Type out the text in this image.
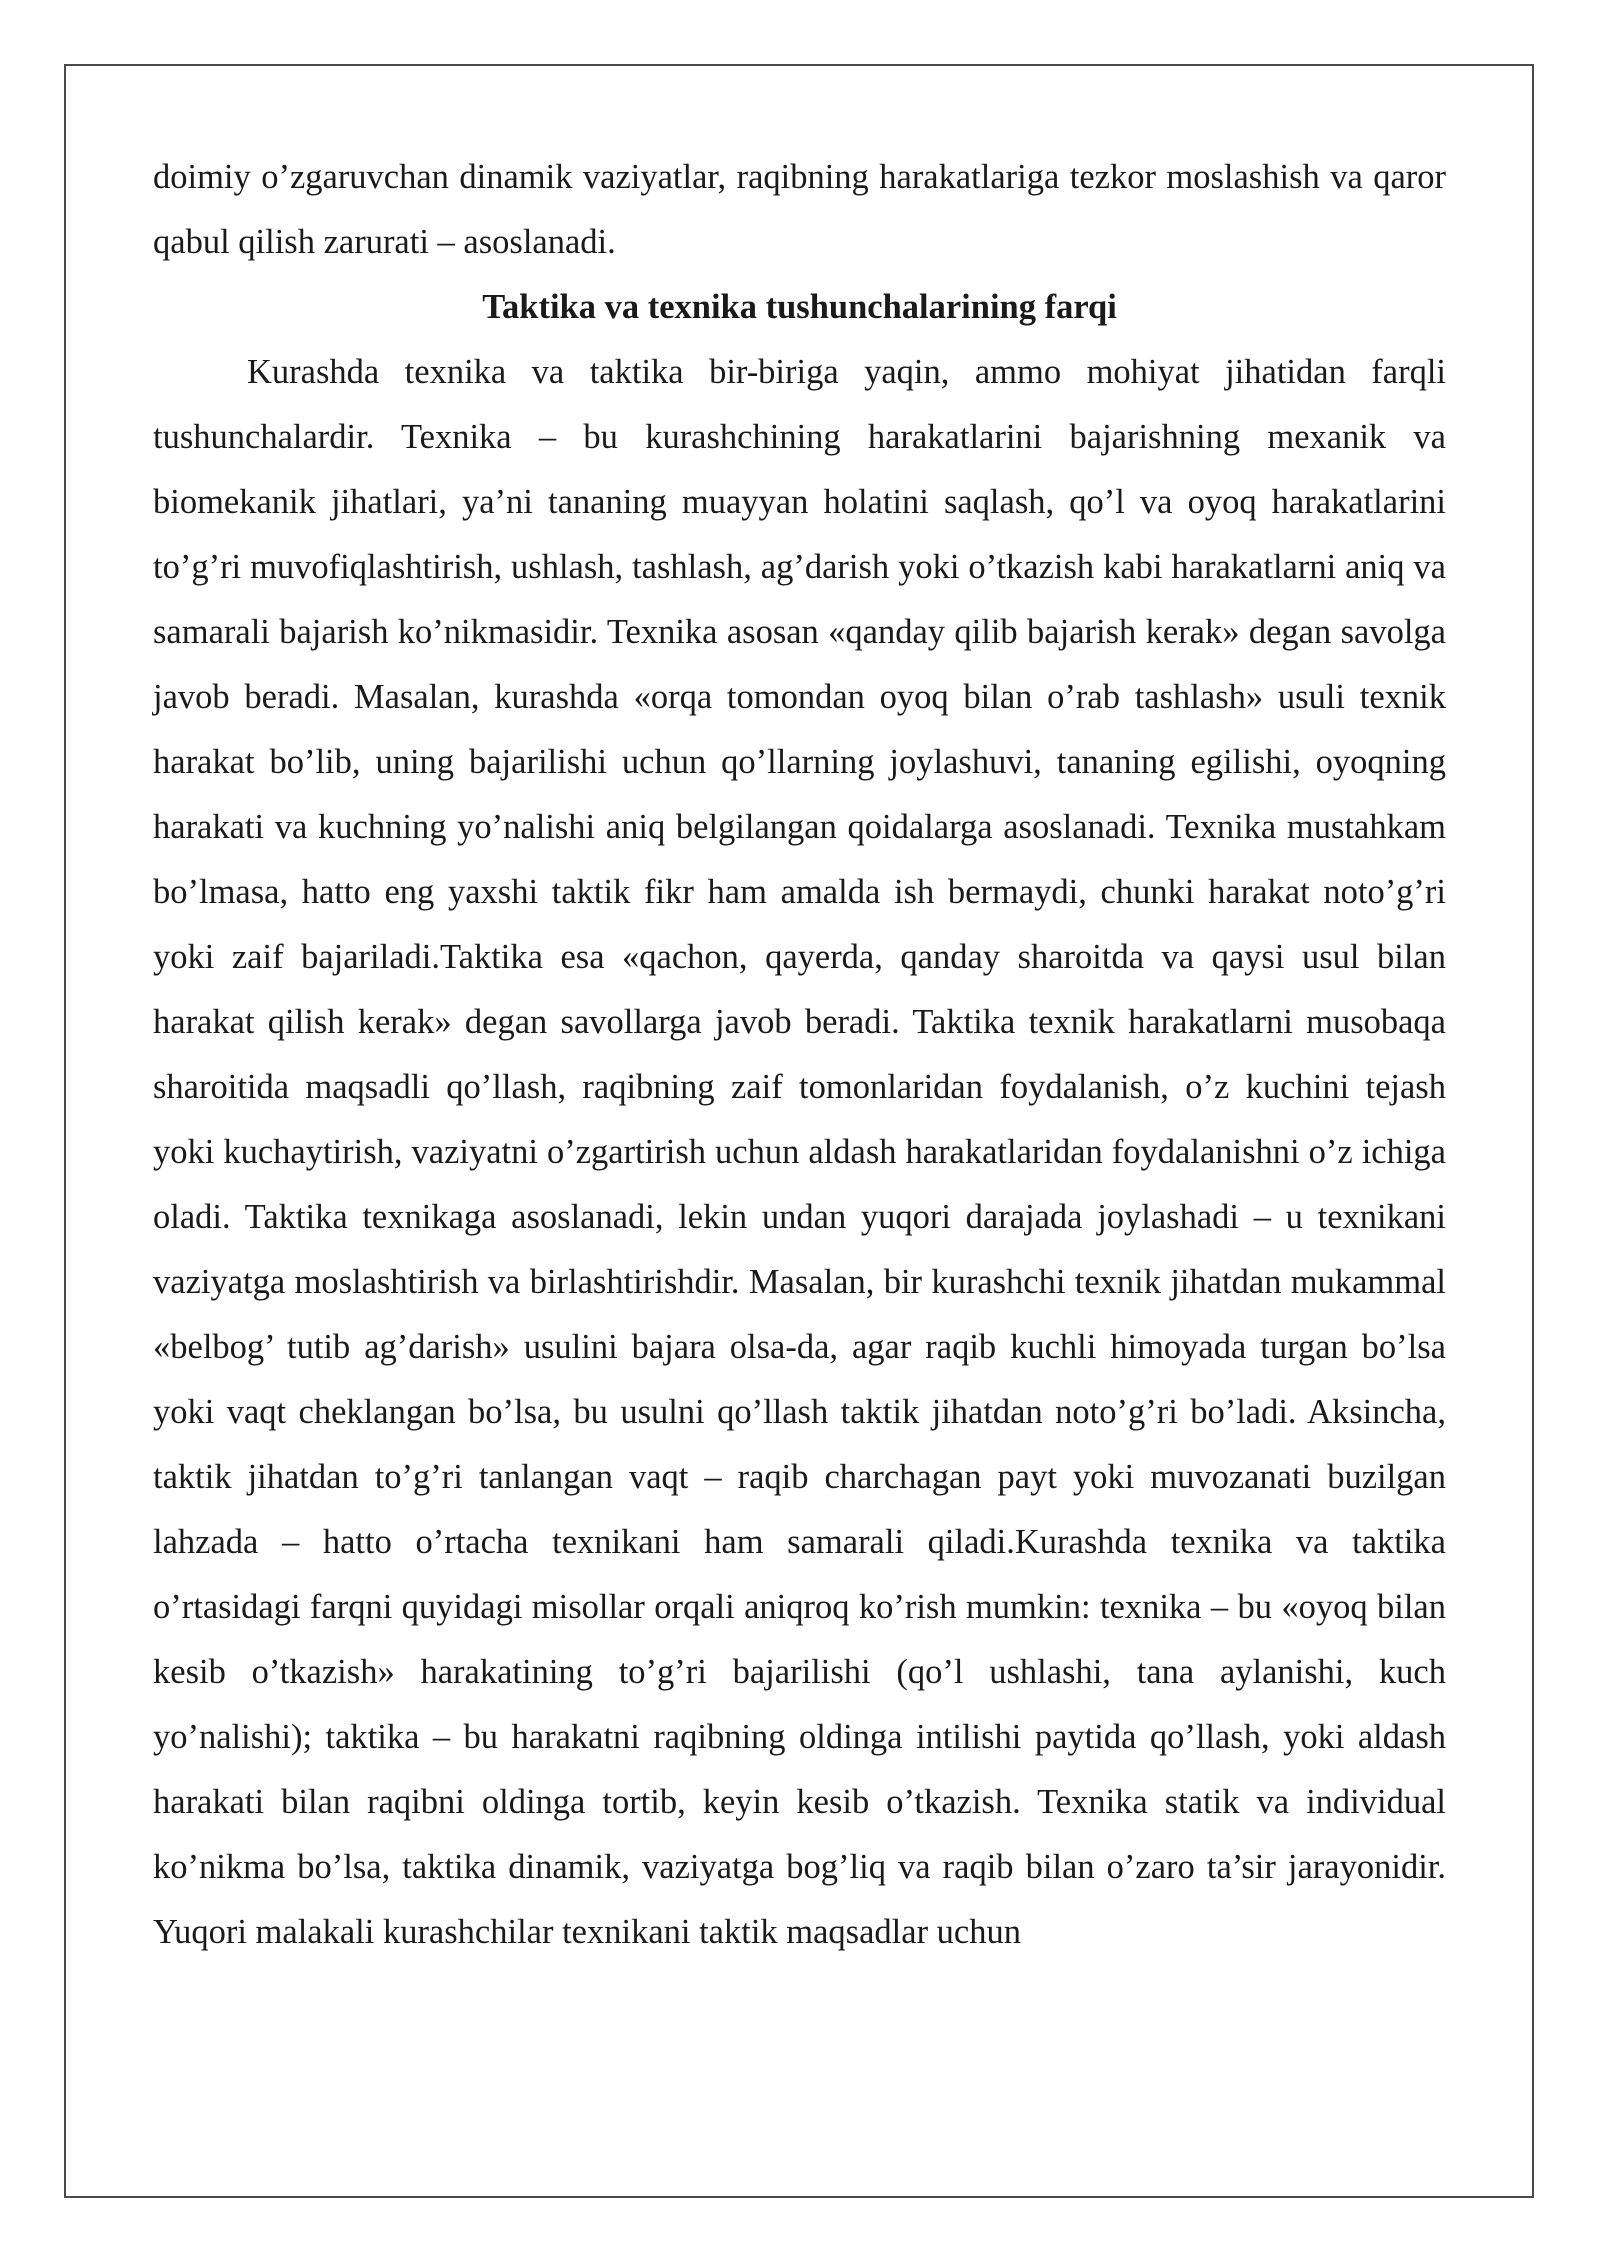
doimiy o’zgaruvchan dinamik vaziyatlar, raqibning harakatlariga tezkor moslashish va qaror qabul qilish zarurati – asoslanadi.

Taktika va texnika tushunchalarining farqi

Kurashda texnika va taktika bir-biriga yaqin, ammo mohiyat jihatidan farqli tushunchalardir. Texnika – bu kurashchining harakatlarini bajarishning mexanik va biomekanik jihatlari, ya’ni tananing muayyan holatini saqlash, qo’l va oyoq harakatlarini to’g’ri muvofiqlashtirish, ushlash, tashlash, ag’darish yoki o’tkazish kabi harakatlarni aniq va samarali bajarish ko’nikmasidir. Texnika asosan «qanday qilib bajarish kerak» degan savolga javob beradi. Masalan, kurashda «orqa tomondan oyoq bilan o’rab tashlash» usuli texnik harakat bo’lib, uning bajarilishi uchun qo’llarning joylashuvi, tananing egilishi, oyoqning harakati va kuchning yo’nalishi aniq belgilangan qoidalarga asoslanadi. Texnika mustahkam bo’lmasa, hatto eng yaxshi taktik fikr ham amalda ish bermaydi, chunki harakat noto’g’ri yoki zaif bajariladi.Taktika esa «qachon, qayerda, qanday sharoitda va qaysi usul bilan harakat qilish kerak» degan savollarga javob beradi. Taktika texnik harakatlarni musobaqa sharoitida maqsadli qo’llash, raqibning zaif tomonlaridan foydalanish, o’z kuchini tejash yoki kuchaytirish, vaziyatni o’zgartirish uchun aldash harakatlaridan foydalanishni o’z ichiga oladi. Taktika texnikaga asoslanadi, lekin undan yuqori darajada joylashadi – u texnikani vaziyatga moslashtirish va birlashtirishdir. Masalan, bir kurashchi texnik jihatdan mukammal «belbog’ tutib ag’darish» usulini bajara olsa-da, agar raqib kuchli himoyada turgan bo’lsa yoki vaqt cheklangan bo’lsa, bu usulni qo’llash taktik jihatdan noto’g’ri bo’ladi. Aksincha, taktik jihatdan to’g’ri tanlangan vaqt – raqib charchagan payt yoki muvozanati buzilgan lahzada – hatto o’rtacha texnikani ham samarali qiladi.Kurashda texnika va taktika o’rtasidagi farqni quyidagi misollar orqali aniqroq ko’rish mumkin: texnika – bu «oyoq bilan kesib o’tkazish» harakatining to’g’ri bajarilishi (qo’l ushlashi, tana aylanishi, kuch yo’nalishi); taktika – bu harakatni raqibning oldinga intilishi paytida qo’llash, yoki aldash harakati bilan raqibni oldinga tortib, keyin kesib o’tkazish. Texnika statik va individual ko’nikma bo’lsa, taktika dinamik, vaziyatga bog’liq va raqib bilan o’zaro ta’sir jarayonidir. Yuqori malakali kurashchilar texnikani taktik maqsadlar uchun
